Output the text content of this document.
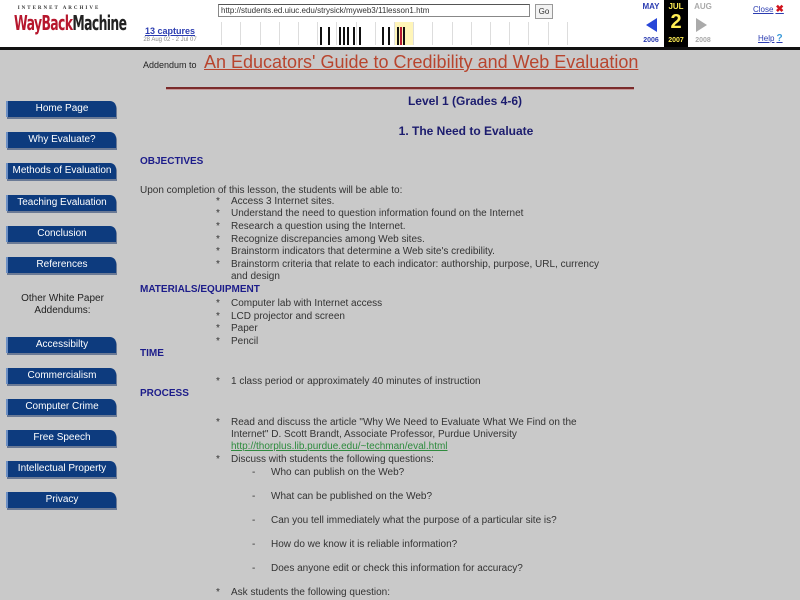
INTERNET ARCHIVE
WayBackMachine
http://students.ed.uiuc.edu/strysick/myweb3/11lesson1.htm	Go
13 captures
28 Aug 02 - 2 Jul 07
MAY
2006
JUL
2
2007
AUG
2008
Close ✖
Help ?
Addendum to An Educators' Guide to Credibility and Web Evaluation
Level 1 (Grades 4-6)
1. The Need to Evaluate
Home Page
Why Evaluate?
Methods of Evaluation
Teaching Evaluation
Conclusion
References
Other White Paper Addendums:
Accessibilty
Commercialism
Computer Crime
Free Speech
Intellectual Property
Privacy
OBJECTIVES
Upon completion of this lesson, the students will be able to:
* Access 3 Internet sites.
* Understand the need to question information found on the Internet
* Research a question using the Internet.
* Recognize discrepancies among Web sites.
* Brainstorm indicators that determine a Web site's credibility.
* Brainstorm criteria that relate to each indicator: authorship, purpose, URL, currency and design
MATERIALS/EQUIPMENT
* Computer lab with Internet access
* LCD projector and screen
* Paper
* Pencil
TIME
* 1 class period or approximately 40 minutes of instruction
PROCESS
* Read and discuss the article "Why We Need to Evaluate What We Find on the Internet" D. Scott Brandt, Associate Professor, Purdue University
http://thorplus.lib.purdue.edu/~techman/eval.html
* Discuss with students the following questions:
- Who can publish on the Web?
- What can be published on the Web?
- Can you tell immediately what the purpose of a particular site is?
- How do we know it is reliable information?
- Does anyone edit or check this information for accuracy?
* Ask students the following question:
